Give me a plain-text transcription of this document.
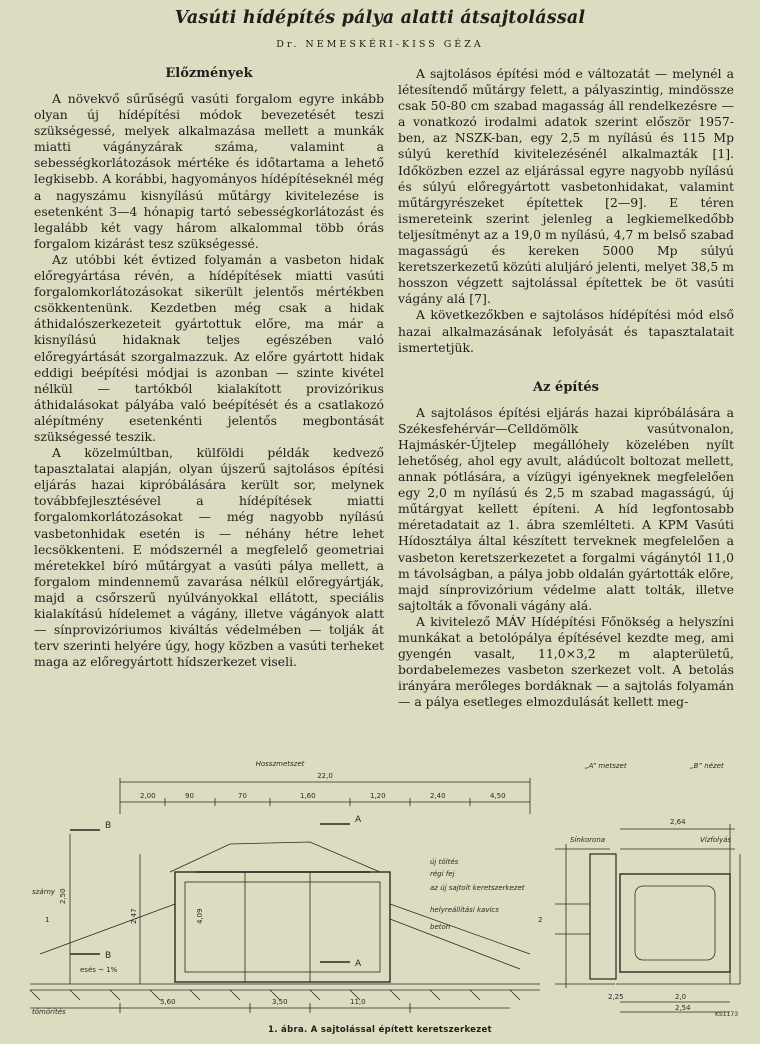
Vasúti hídépítés pálya alatti átsajtolással
Dr. NEMESKÉRI-KISS GÉZA
Előzmények

A növekvő sűrűségű vasúti forgalom egyre inkább olyan új hídépítési módok bevezetését teszi szükségessé, melyek alkalmazása mellett a munkák miatti vágányzárak száma, valamint a sebességkorlátozások mértéke és időtartama a lehető legkisebb. A korábbi, hagyományos hídépítéseknél még a nagyszámu kisnyílású műtárgy kivitelezése is esetenként 3—4 hónapig tartó sebességkorlátozást és legalább két vagy három alkalommal több órás forgalom kizárást tesz szükségessé.

Az utóbbi két évtized folyamán a vasbeton hidak előregyártása révén, a hídépítések miatti vasúti forgalomkorlátozásokat sikerült jelentős mértékben csökkentenünk. Kezdetben még csak a hidak áthidalószerkezeteit gyártottuk előre, ma már a kisnyílású hidaknak teljes egészében való előregyártását szorgalmazzuk. Az előre gyártott hidak eddigi beépítési módjai is azonban — szinte kivétel nélkül — tartókból kialakított provizórikus áthidalásokat pályába való beépítését és a csatlakozó alépítmény esetenkénti jelentős megbontását szükségessé teszik.

A közelmúltban, külföldi példák kedvező tapasztalatai alapján, olyan újszerű sajtolásos építési eljárás hazai kipróbálására került sor, melynek továbbfejlesztésével a hídépítések miatti forgalomkorlátozásokat — még nagyobb nyílású vasbetonhidak esetén is — néhány hétre lehet lecsökkenteni. E módszernél a megfelelő geometriai méretekkel bíró műtárgyat a vasúti pálya mellett, a forgalom mindennemű zavarása nélkül előregyártják, majd a csőrszerű nyúlványokkal ellátott, speciális kialakítású hídelemet a vágány, illetve vágányok alatt — sínprovizóriumos kiváltás védelmében — tolják át terv szerinti helyére úgy, hogy közben a vasúti terheket maga az előregyártott hídszerkezet viseli.

A sajtolásos építési mód e változatát — melynél a létesítendő műtárgy felett, a pályaszintig, mindössze csak 50-80 cm szabad magasság áll rendelkezésre — a vonatkozó irodalmi adatok szerint először 1957-ben, az NSZK-ban, egy 2,5 m nyílású és 115 Mp súlyú kerethíd kivitelezésénél alkalmazták [1]. Időközben ezzel az eljárással egyre nagyobb nyílású és súlyú előregyártott vasbetonhidakat, valamint műtárgyrészeket építettek [2—9]. E téren ismereteink szerint jelenleg a legkiemelkedőbb teljesítményt az a 19,0 m nyílású, 4,7 m belső szabad magasságú és kereken 5000 Mp súlyú keretszerkezetű közúti aluljáró jelenti, melyet 38,5 m hosszon végzett sajtolással építettek be öt vasúti vágány alá [7].

A következőkben e sajtolásos hídépítési mód első hazai alkalmazásának lefolyását és tapasztalatait ismertetjük.

Az építés

A sajtolásos építési eljárás hazai kipróbálására a Székesfehérvár—Celldömölk vasútvonalon, Hajmáskér-Újtelep megállóhely közelében nyílt lehetőség, ahol egy avult, aládúcolt boltozat mellett, annak pótlására, a vízügyi igényeknek megfelelően egy 2,0 m nyílású és 2,5 m szabad magasságú, új műtárgyat kellett építeni. A híd legfontosabb méretadatait az 1. ábra szemlélteti. A KPM Vasúti Hídosztálya által készített terveknek megfelelően a vasbeton keretszerkezetet a forgalmi vágánytól 11,0 m távolságban, a pálya jobb oldalán gyártották előre, majd sínprovizórium védelme alatt tolták, illetve sajtolták a fővonali vágány alá.

A kivitelező MÁV Hídépítési Főnökség a helyszíni munkákat a betolópálya építésével kezdte meg, ami gyengén vasalt, 11,0×3,2 m alapterületű, bordabelemezes vasbeton szerkezet volt. A betolás irányára merőleges bordáknak — a sajtolás folyamán — a pálya esetleges elmozdulását kellett meg-

Hosszmetszet	„A” metszet	„B” nézet
22,0
2,00	90	70	1,60	1,20	2,40	4,50
5,60	3,50	11,0
2,50
2,47	4,09
esés ~ 1%
B
A
A
B
új töltés
régi fej
az új sajtolt keretszerkezet
helyreállítási kavics
beton
szárny
tömörítés
2,64
2,0
2,54
2,25
Sínkorona	Vízfolyás
1	2
KS1173
1. ábra. A sajtolással épített keretszerkezet
